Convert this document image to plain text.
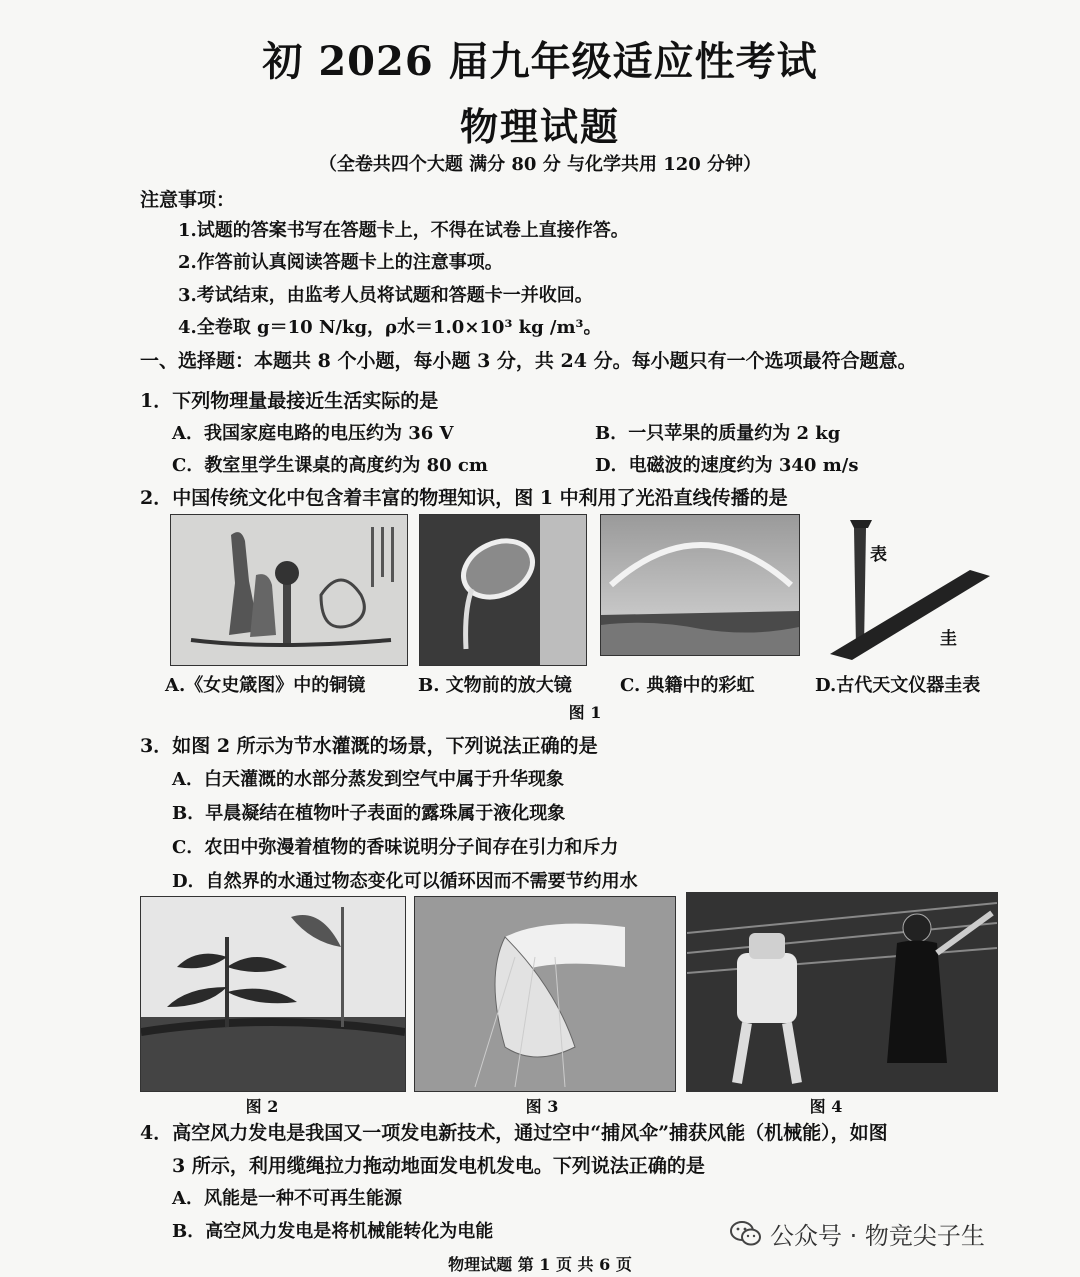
初 2026 届九年级适应性考试
物理试题
（全卷共四个大题 满分 80 分 与化学共用 120 分钟）
注意事项：
1.试题的答案书写在答题卡上，不得在试卷上直接作答。
2.作答前认真阅读答题卡上的注意事项。
3.考试结束，由监考人员将试题和答题卡一并收回。
4.全卷取 g＝10 N/kg，ρ水＝1.0×10³ kg /m³。
一、选择题：本题共 8 个小题，每小题 3 分，共 24 分。每小题只有一个选项最符合题意。
1．下列物理量最接近生活实际的是
A．我国家庭电路的电压约为 36 V	B．一只苹果的质量约为 2 kg
C．教室里学生课桌的高度约为 80 cm	D．电磁波的速度约为 340 m/s
2．中国传统文化中包含着丰富的物理知识，图 1 中利用了光沿直线传播的是
表
圭
A.《女史箴图》中的铜镜	B. 文物前的放大镜	C. 典籍中的彩虹	D.古代天文仪器圭表
图 1
3．如图 2 所示为节水灌溉的场景，下列说法正确的是
A．白天灌溉的水部分蒸发到空气中属于升华现象
B．早晨凝结在植物叶子表面的露珠属于液化现象
C．农田中弥漫着植物的香味说明分子间存在引力和斥力
D．自然界的水通过物态变化可以循环因而不需要节约用水
图 2	图 3	图 4
4．高空风力发电是我国又一项发电新技术，通过空中“捕风伞”捕获风能（机械能），如图
3 所示，利用缆绳拉力拖动地面发电机发电。下列说法正确的是
A．风能是一种不可再生能源
B．高空风力发电是将机械能转化为电能	公众号 · 物竞尖子生
物理试题 第 1 页 共 6 页
